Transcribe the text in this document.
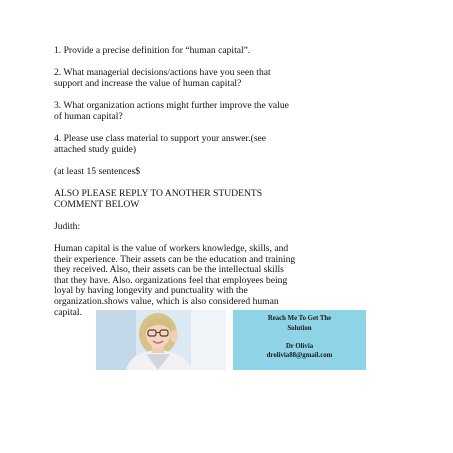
1. Provide a precise definition for “human capital”.
2. What managerial decisions/actions have you seen that
support and increase the value of human capital?
3. What organization actions might further improve the value
of human capital?
4. Please use class material to support your answer.(see
attached study guide)
(at least 15 sentences$
ALSO PLEASE REPLY TO ANOTHER STUDENTS
COMMENT BELOW
Judith:
Human capital is the value of workers knowledge, skills, and
their experience. Their assets can be the education and training
they received. Also, their assets can be the intellectual skills
that they have. Also. organizations feel that employees being
loyal by having longevity and punctuality with the
organization.shows value, which is also considered human
capital.
Reach Me To Get The
Solution
Dr Olivia
drolivia88@gmail.com
